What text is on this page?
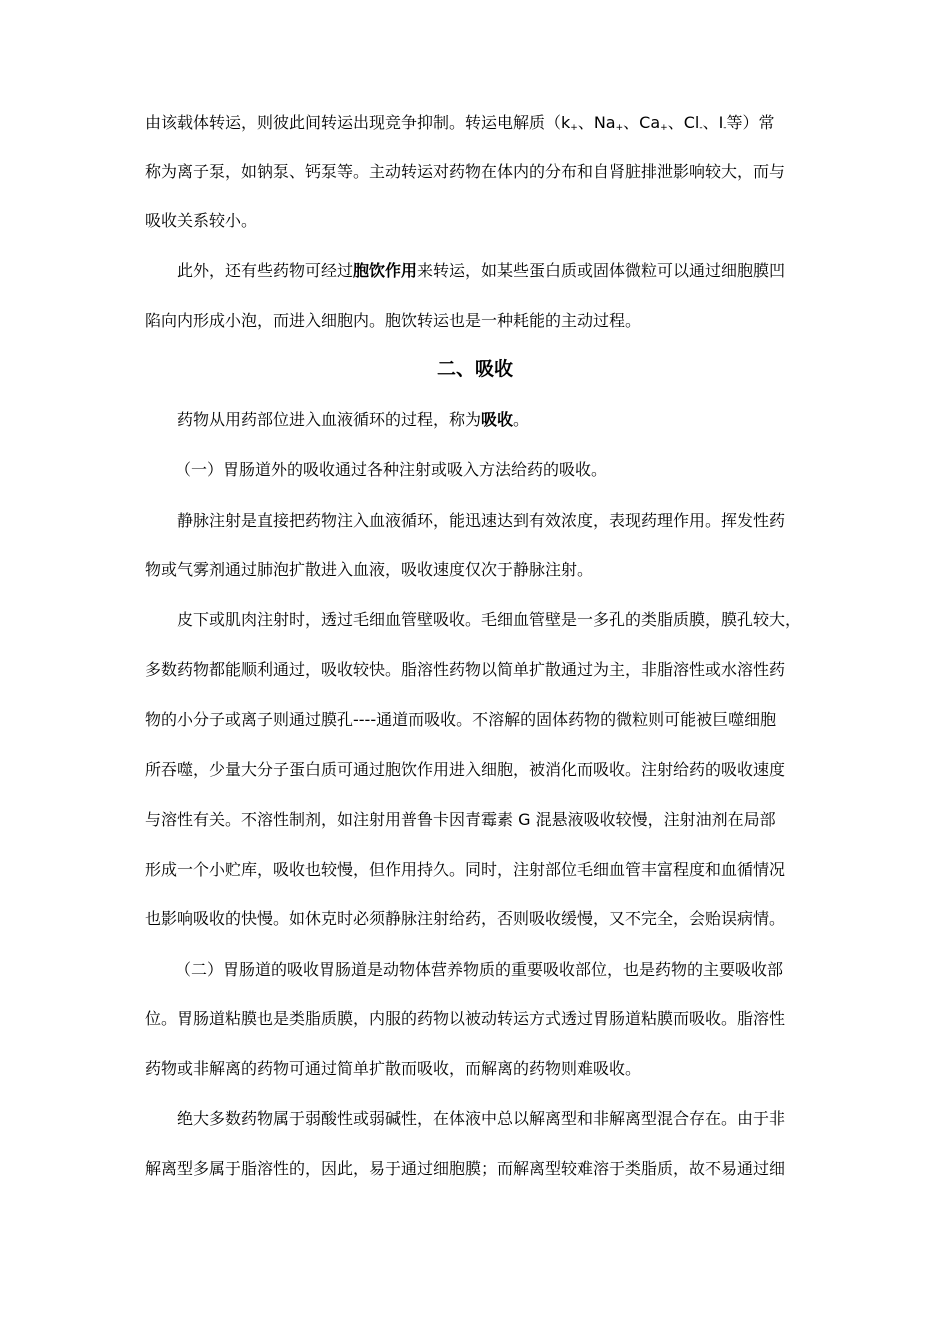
由该载体转运，则彼此间转运出现竞争抑制。转运电解质（$k_+$、$Na_+$、$Ca_+$、$Cl_-$、$I_-$等）常
称为离子泵，如钠泵、钙泵等。主动转运对药物在体内的分布和自肾脏排泄影响较大，而与
吸收关系较小。
此外，还有些药物可经过胞饮作用来转运，如某些蛋白质或固体微粒可以通过细胞膜凹
陷向内形成小泡，而进入细胞内。胞饮转运也是一种耗能的主动过程。
二、吸收
药物从用药部位进入血液循环的过程，称为吸收。
（一）胃肠道外的吸收通过各种注射或吸入方法给药的吸收。
静脉注射是直接把药物注入血液循环，能迅速达到有效浓度，表现药理作用。挥发性药
物或气雾剂通过肺泡扩散进入血液，吸收速度仅次于静脉注射。
皮下或肌肉注射时，透过毛细血管壁吸收。毛细血管壁是一多孔的类脂质膜，膜孔较大，
多数药物都能顺利通过，吸收较快。脂溶性药物以简单扩散通过为主，非脂溶性或水溶性药
物的小分子或离子则通过膜孔----通道而吸收。不溶解的固体药物的微粒则可能被巨噬细胞
所吞噬，少量大分子蛋白质可通过胞饮作用进入细胞，被消化而吸收。注射给药的吸收速度
与溶性有关。不溶性制剂，如注射用普鲁卡因青霉素 G 混悬液吸收较慢，注射油剂在局部
形成一个小贮库，吸收也较慢，但作用持久。同时，注射部位毛细血管丰富程度和血循情况
也影响吸收的快慢。如休克时必须静脉注射给药，否则吸收缓慢，又不完全，会贻误病情。
（二）胃肠道的吸收胃肠道是动物体营养物质的重要吸收部位，也是药物的主要吸收部
位。胃肠道粘膜也是类脂质膜，内服的药物以被动转运方式透过胃肠道粘膜而吸收。脂溶性
药物或非解离的药物可通过简单扩散而吸收，而解离的药物则难吸收。
绝大多数药物属于弱酸性或弱碱性，在体液中总以解离型和非解离型混合存在。由于非
解离型多属于脂溶性的，因此，易于通过细胞膜；而解离型较难溶于类脂质，故不易通过细
